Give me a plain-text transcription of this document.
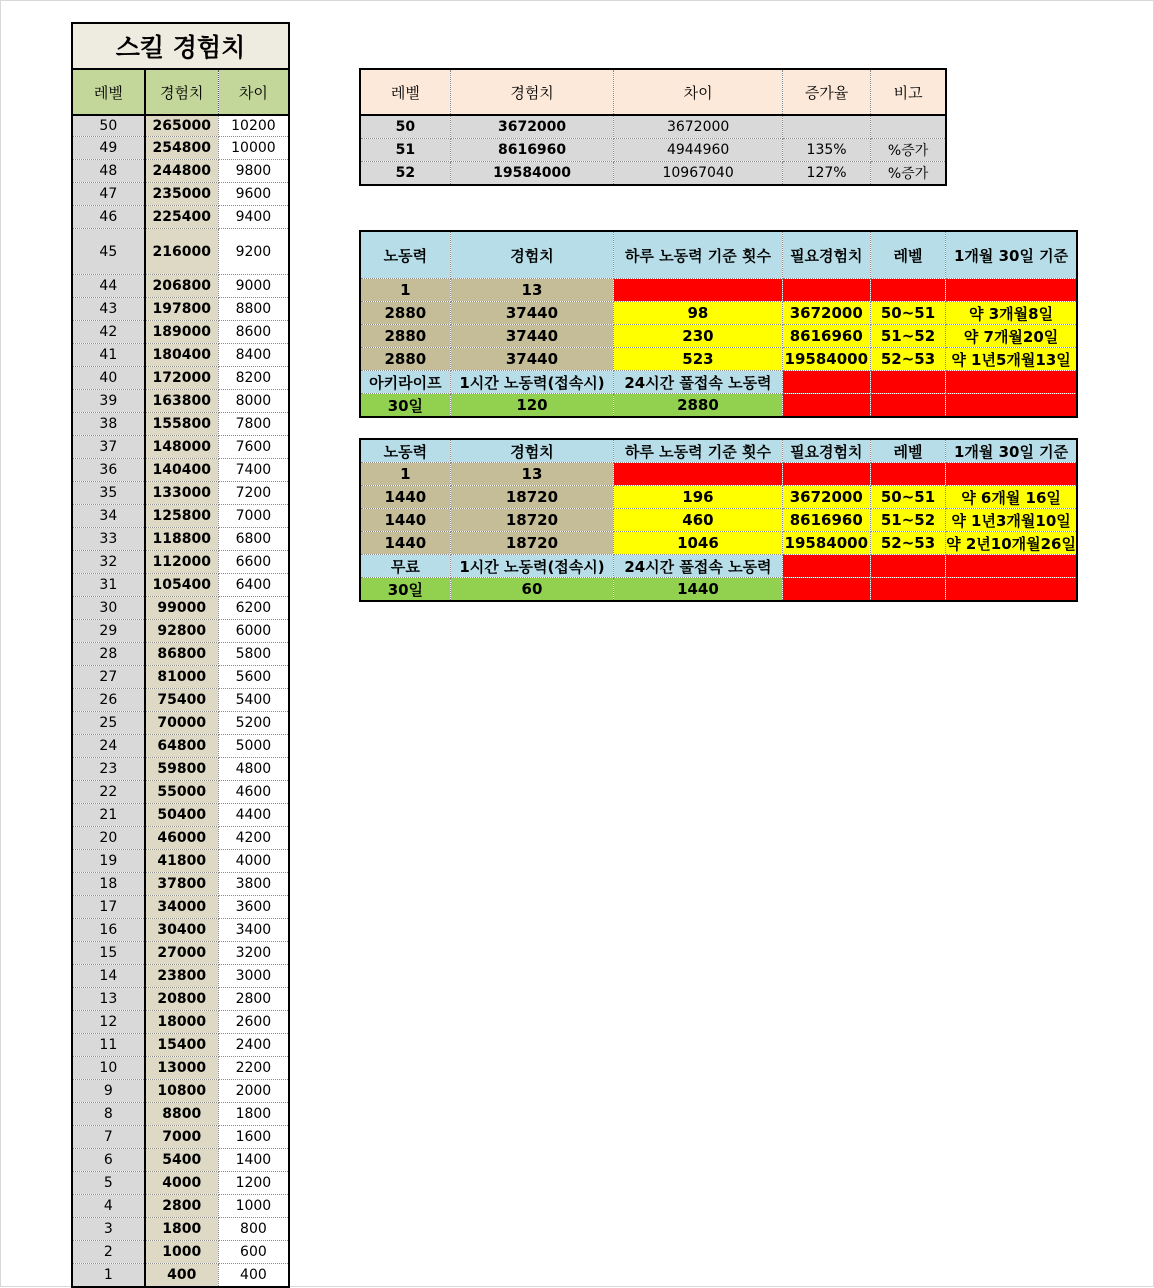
스킬 경험치		
레벨	경험치	차이
50	265000	10200
49	254800	10000
48	244800	9800
47	235000	9600
46	225400	9400
45	216000	9200
44	206800	9000
43	197800	8800
42	189000	8600
41	180400	8400
40	172000	8200
39	163800	8000
38	155800	7800
37	148000	7600
36	140400	7400
35	133000	7200
34	125800	7000
33	118800	6800
32	112000	6600
31	105400	6400
30	99000	6200
29	92800	6000
28	86800	5800
27	81000	5600
26	75400	5400
25	70000	5200
24	64800	5000
23	59800	4800
22	55000	4600
21	50400	4400
20	46000	4200
19	41800	4000
18	37800	3800
17	34000	3600
16	30400	3400
15	27000	3200
14	23800	3000
13	20800	2800
12	18000	2600
11	15400	2400
10	13000	2200
9	10800	2000
8	8800	1800
7	7000	1600
6	5400	1400
5	4000	1200
4	2800	1000
3	1800	800
2	1000	600
1	400	400
레벨	경험치	차이	증가율	비고
50	3672000	3672000		
51	8616960	4944960	135%	%증가
52	19584000	10967040	127%	%증가
노동력	경험치	하루 노동력 기준 횟수	필요경험치	레벨	1개월 30일 기준
1	13				
2880	37440	98	3672000	50~51	약 3개월8일
2880	37440	230	8616960	51~52	약 7개월20일
2880	37440	523	19584000	52~53	약 1년5개월13일
아키라이프	1시간 노동력(접속시)	24시간 풀접속 노동력			
30일	120	2880			
노동력	경험치	하루 노동력 기준 횟수	필요경험치	레벨	1개월 30일 기준
1	13				
1440	18720	196	3672000	50~51	약 6개월 16일
1440	18720	460	8616960	51~52	약 1년3개월10일
1440	18720	1046	19584000	52~53	약 2년10개월26일
무료	1시간 노동력(접속시)	24시간 풀접속 노동력			
30일	60	1440			
